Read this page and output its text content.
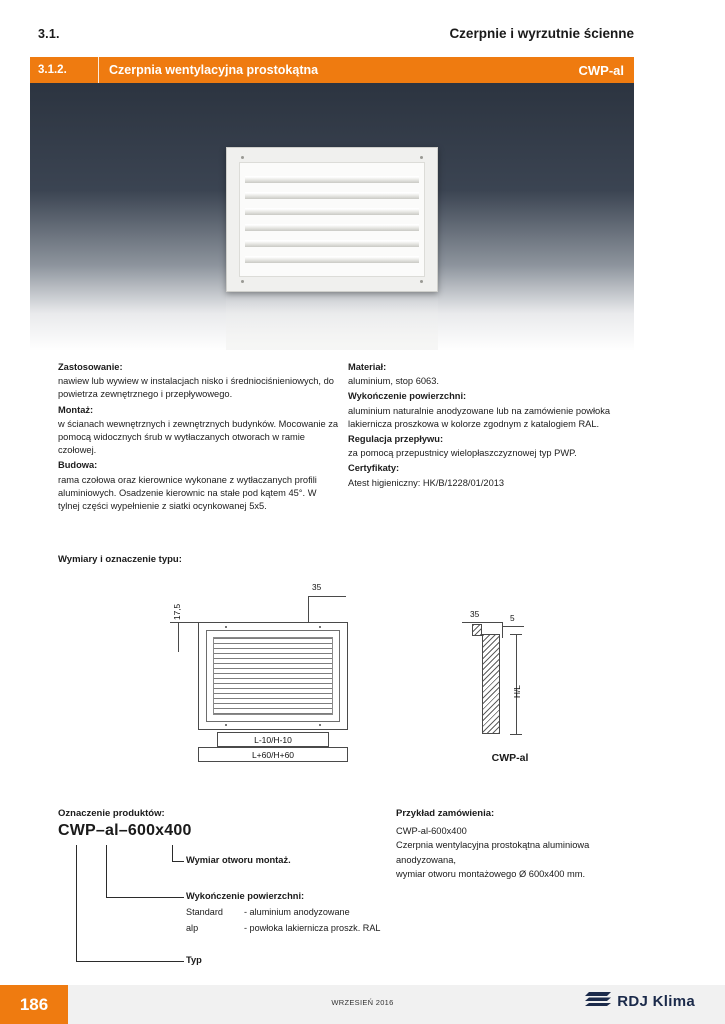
3.1.	Czerpnie i wyrzutnie ścienne
3.1.2.	Czerpnia wentylacyjna prostokątna	CWP-al

Zastosowanie:

nawiew lub wywiew w instalacjach nisko i średniociśnieniowych, do powietrza zewnętrznego i przepływowego.

Montaż:

w ścianach wewnętrznych i zewnętrznych budynków. Mocowanie za pomocą widocznych śrub w wytłaczanych otworach w ramie czołowej.

Budowa:

rama czołowa oraz kierownice wykonane z wytłaczanych profili aluminiowych. Osadzenie kierownic na stałe pod kątem 45°. W tylnej części wypełnienie z siatki ocynkowanej 5x5.

Materiał:

aluminium, stop 6063.

Wykończenie powierzchni:

aluminium naturalnie anodyzowane lub na zamówienie powłoka lakiernicza proszkowa w kolorze zgodnym z katalogiem RAL.

Regulacja przepływu:

za pomocą przepustnicy wielopłaszczyznowej typ PWP.

Certyfikaty:

Atest higieniczny: HK/B/1228/01/2013

Wymiary i oznaczenie typu:
35
17,5
L-10/H-10
L+60/H+60
H/L
35	5
CWP-al
Oznaczenie produktów:
CWP–al–600x400
Wymiar otworu montaż.
Wykończenie powierzchni:
Standard - aluminium anodyzowane
alp	- powłoka lakiernicza proszk. RAL
Typ
Przykład zamówienia:
CWP-al-600x400
Czerpnia wentylacyjna prostokątna aluminiowa anodyzowana,
wymiar otworu montażowego Ø 600x400 mm.
186	WRZESIEŃ 2016	RDJ Klima
